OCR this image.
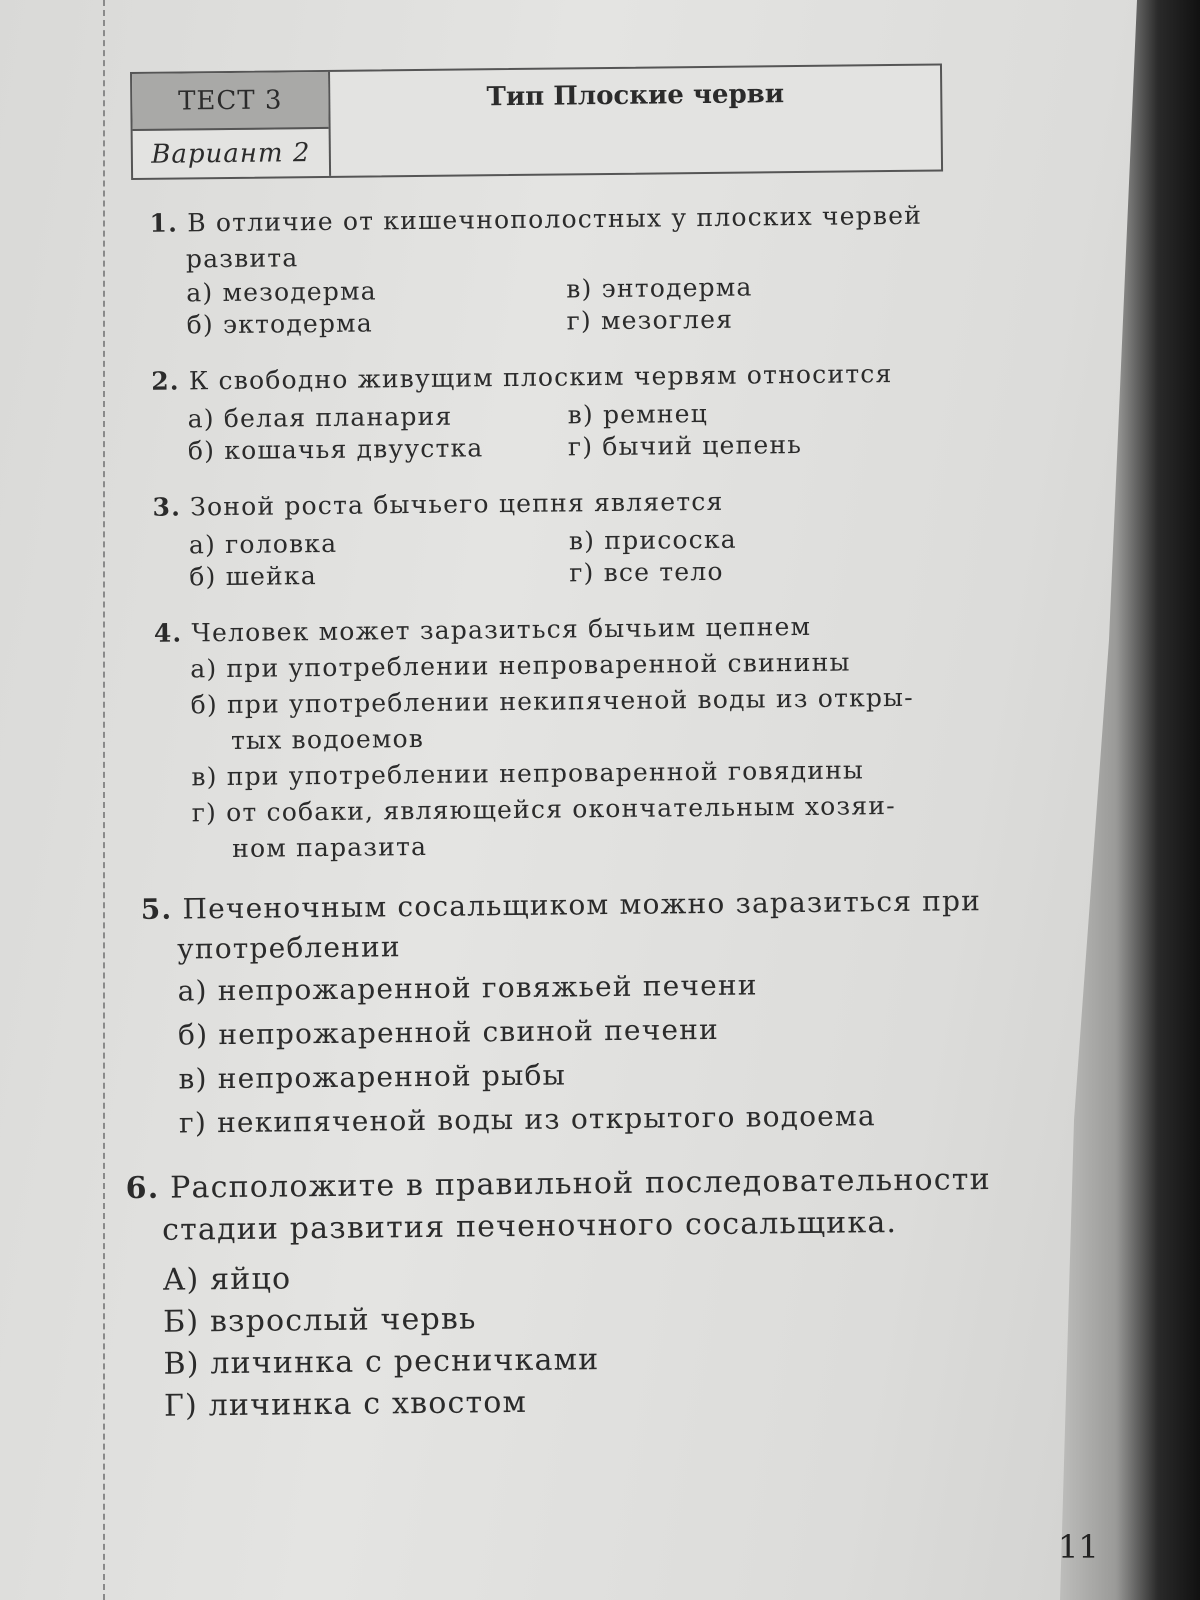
ТЕСТ 3
Вариант 2
Тип Плоские черви
1. В отличие от кишечнополостных у плоских червей
развита
а) мезодерма	в) энтодерма
б) эктодерма	г) мезоглея
2. К свободно живущим плоским червям относится
а) белая планария	в) ремнец
б) кошачья двуустка	г) бычий цепень
3. Зоной роста бычьего цепня является
а) головка	в) присоска
б) шейка	г) все тело
4. Человек может заразиться бычьим цепнем
а) при употреблении непроваренной свинины
б) при употреблении некипяченой воды из откры-
тых водоемов
в) при употреблении непроваренной говядины
г) от собаки, являющейся окончательным хозяи-
ном паразита
5. Печеночным сосальщиком можно заразиться при
употреблении
а) непрожаренной говяжьей печени
б) непрожаренной свиной печени
в) непрожаренной рыбы
г) некипяченой воды из открытого водоема
6. Расположите в правильной последовательности
стадии развития печеночного сосальщика.
А) яйцо
Б) взрослый червь
В) личинка с ресничками
Г) личинка с хвостом
11
